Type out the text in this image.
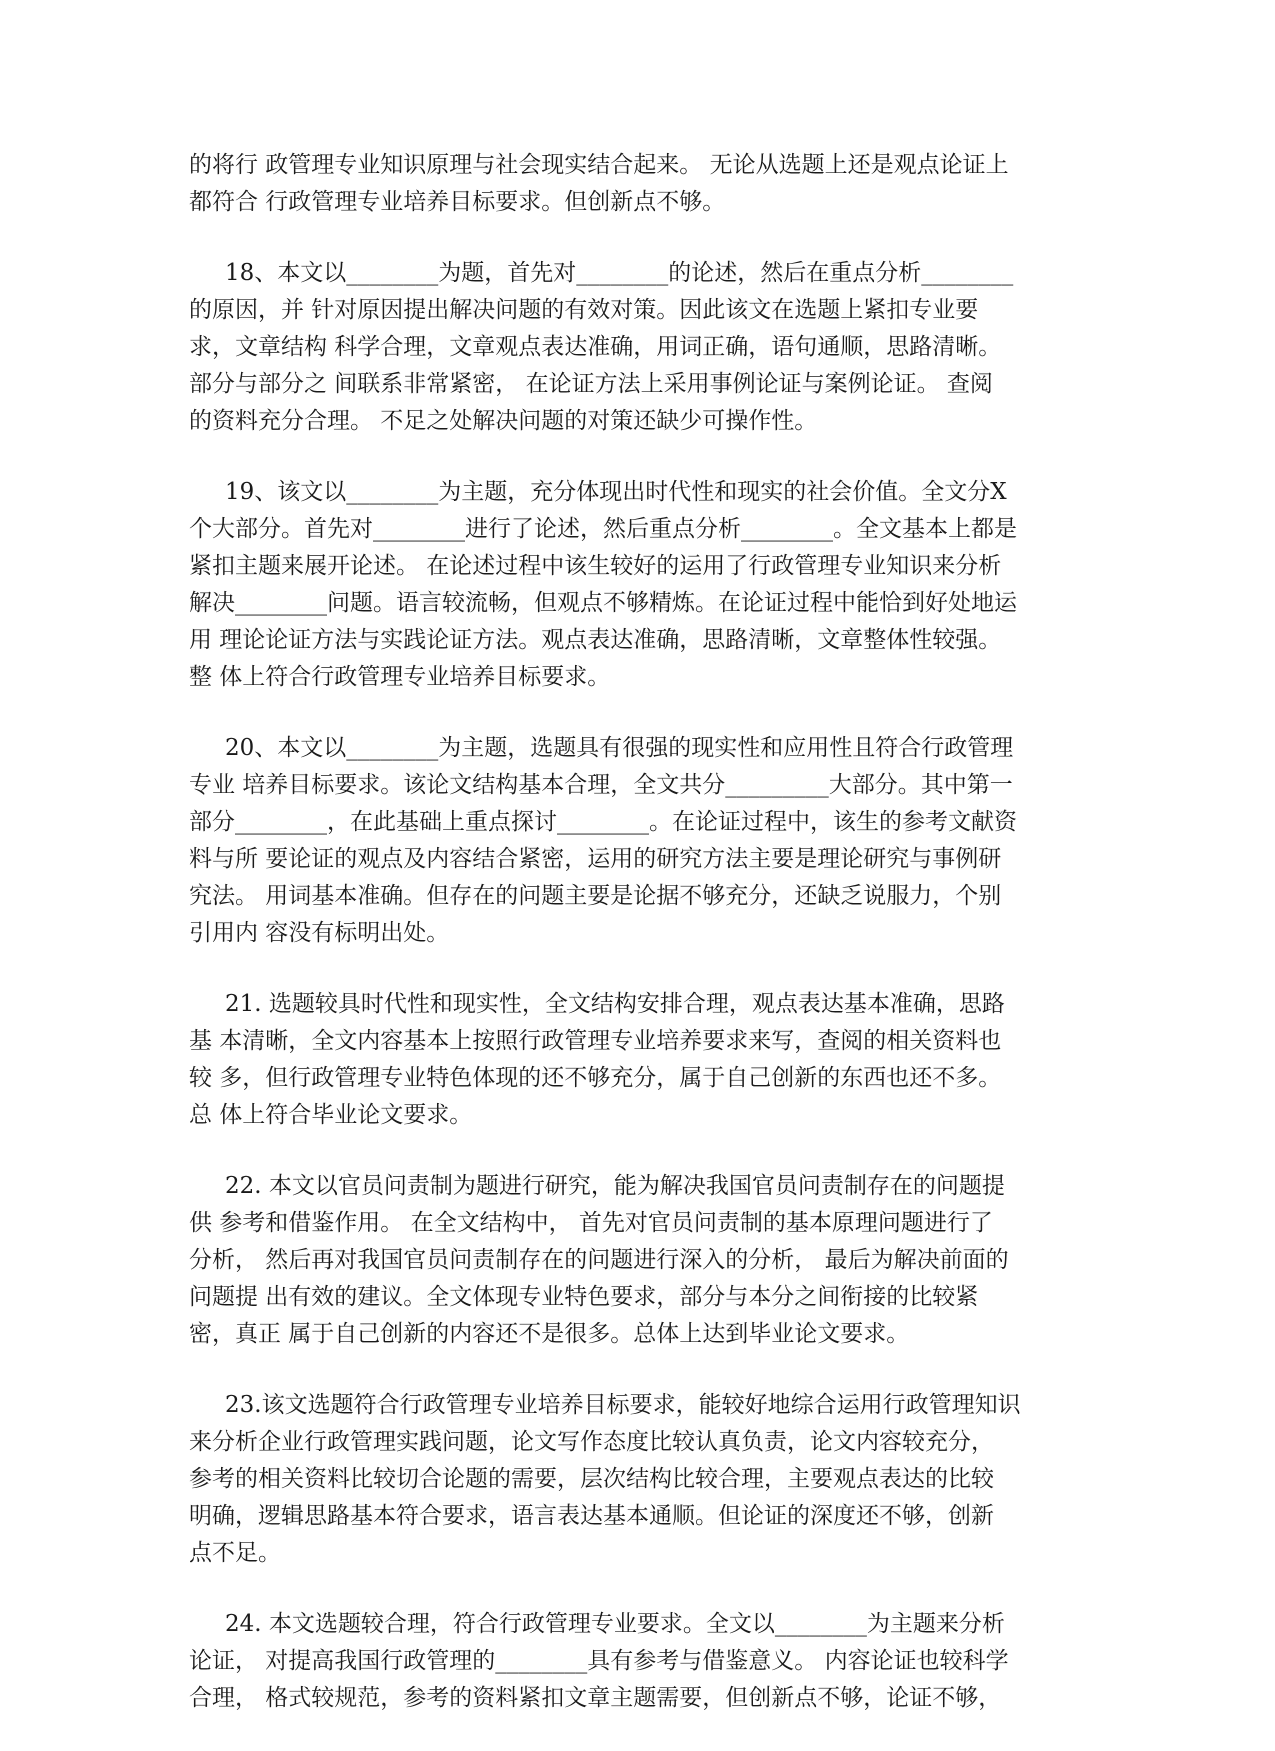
的将行 政管理专业知识原理与社会现实结合起来。 无论从选题上还是观点论证上
都符合 行政管理专业培养目标要求。但创新点不够。
18、本文以________为题，首先对________的论述，然后在重点分析________
的原因，并 针对原因提出解决问题的有效对策。因此该文在选题上紧扣专业要
求，文章结构 科学合理，文章观点表达准确，用词正确，语句通顺，思路清晰。
部分与部分之 间联系非常紧密， 在论证方法上采用事例论证与案例论证。 查阅
的资料充分合理。 不足之处解决问题的对策还缺少可操作性。
19、该文以________为主题，充分体现出时代性和现实的社会价值。全文分X
个大部分。首先对________进行了论述，然后重点分析________。全文基本上都是
紧扣主题来展开论述。 在论述过程中该生较好的运用了行政管理专业知识来分析
解决________问题。语言较流畅，但观点不够精炼。在论证过程中能恰到好处地运
用 理论论证方法与实践论证方法。观点表达准确，思路清晰，文章整体性较强。
整 体上符合行政管理专业培养目标要求。
20、本文以________为主题，选题具有很强的现实性和应用性且符合行政管理
专业 培养目标要求。该论文结构基本合理，全文共分_________大部分。其中第一
部分________，在此基础上重点探讨________。在论证过程中，该生的参考文献资
料与所 要论证的观点及内容结合紧密，运用的研究方法主要是理论研究与事例研
究法。 用词基本准确。但存在的问题主要是论据不够充分，还缺乏说服力，个别
引用内 容没有标明出处。
21. 选题较具时代性和现实性，全文结构安排合理，观点表达基本准确，思路
基 本清晰，全文内容基本上按照行政管理专业培养要求来写，查阅的相关资料也
较 多，但行政管理专业特色体现的还不够充分，属于自己创新的东西也还不多。
总 体上符合毕业论文要求。
22. 本文以官员问责制为题进行研究，能为解决我国官员问责制存在的问题提
供 参考和借鉴作用。 在全文结构中， 首先对官员问责制的基本原理问题进行了
分析， 然后再对我国官员问责制存在的问题进行深入的分析， 最后为解决前面的
问题提 出有效的建议。全文体现专业特色要求，部分与本分之间衔接的比较紧
密，真正 属于自己创新的内容还不是很多。总体上达到毕业论文要求。
23.该文选题符合行政管理专业培养目标要求，能较好地综合运用行政管理知识
来分析企业行政管理实践问题，论文写作态度比较认真负责，论文内容较充分，
参考的相关资料比较切合论题的需要，层次结构比较合理，主要观点表达的比较
明确，逻辑思路基本符合要求，语言表达基本通顺。但论证的深度还不够，创新
点不足。
24. 本文选题较合理，符合行政管理专业要求。全文以________为主题来分析
论证， 对提高我国行政管理的________具有参考与借鉴意义。 内容论证也较科学
合理， 格式较规范，参考的资料紧扣文章主题需要，但创新点不够，论证不够，
